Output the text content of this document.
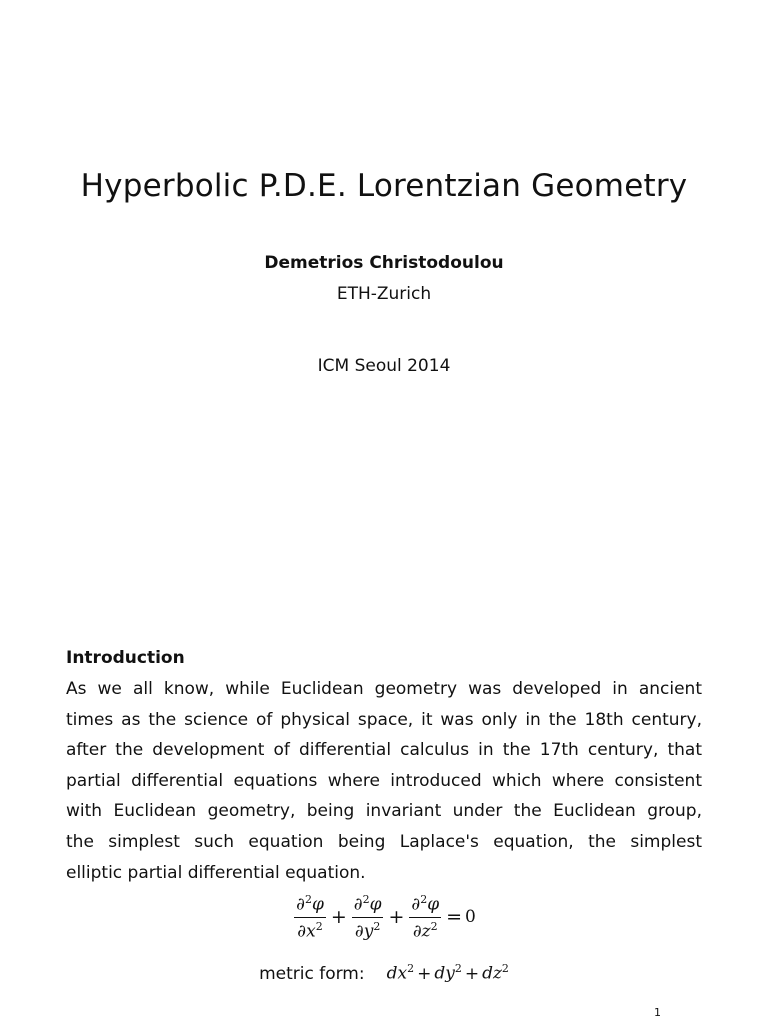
Hyperbolic P.D.E. Lorentzian Geometry
Demetrios Christodoulou
ETH-Zurich
ICM Seoul 2014
Introduction

As we all know, while Euclidean geometry was developed in ancient
times as the science of physical space, it was only in the 18th century,
after the development of differential calculus in the 17th century, that
partial differential equations where introduced which where consistent
with Euclidean geometry, being invariant under the Euclidean group,
the simplest such equation being Laplace's equation, the simplest
elliptic partial differential equation.

$\frac{\partial^2\varphi}{\partial x^2} + \frac{\partial^2\varphi}{\partial y^2} + \frac{\partial^2\varphi}{\partial z^2} = 0$
metric form: $dx^2 + dy^2 + dz^2$
1
